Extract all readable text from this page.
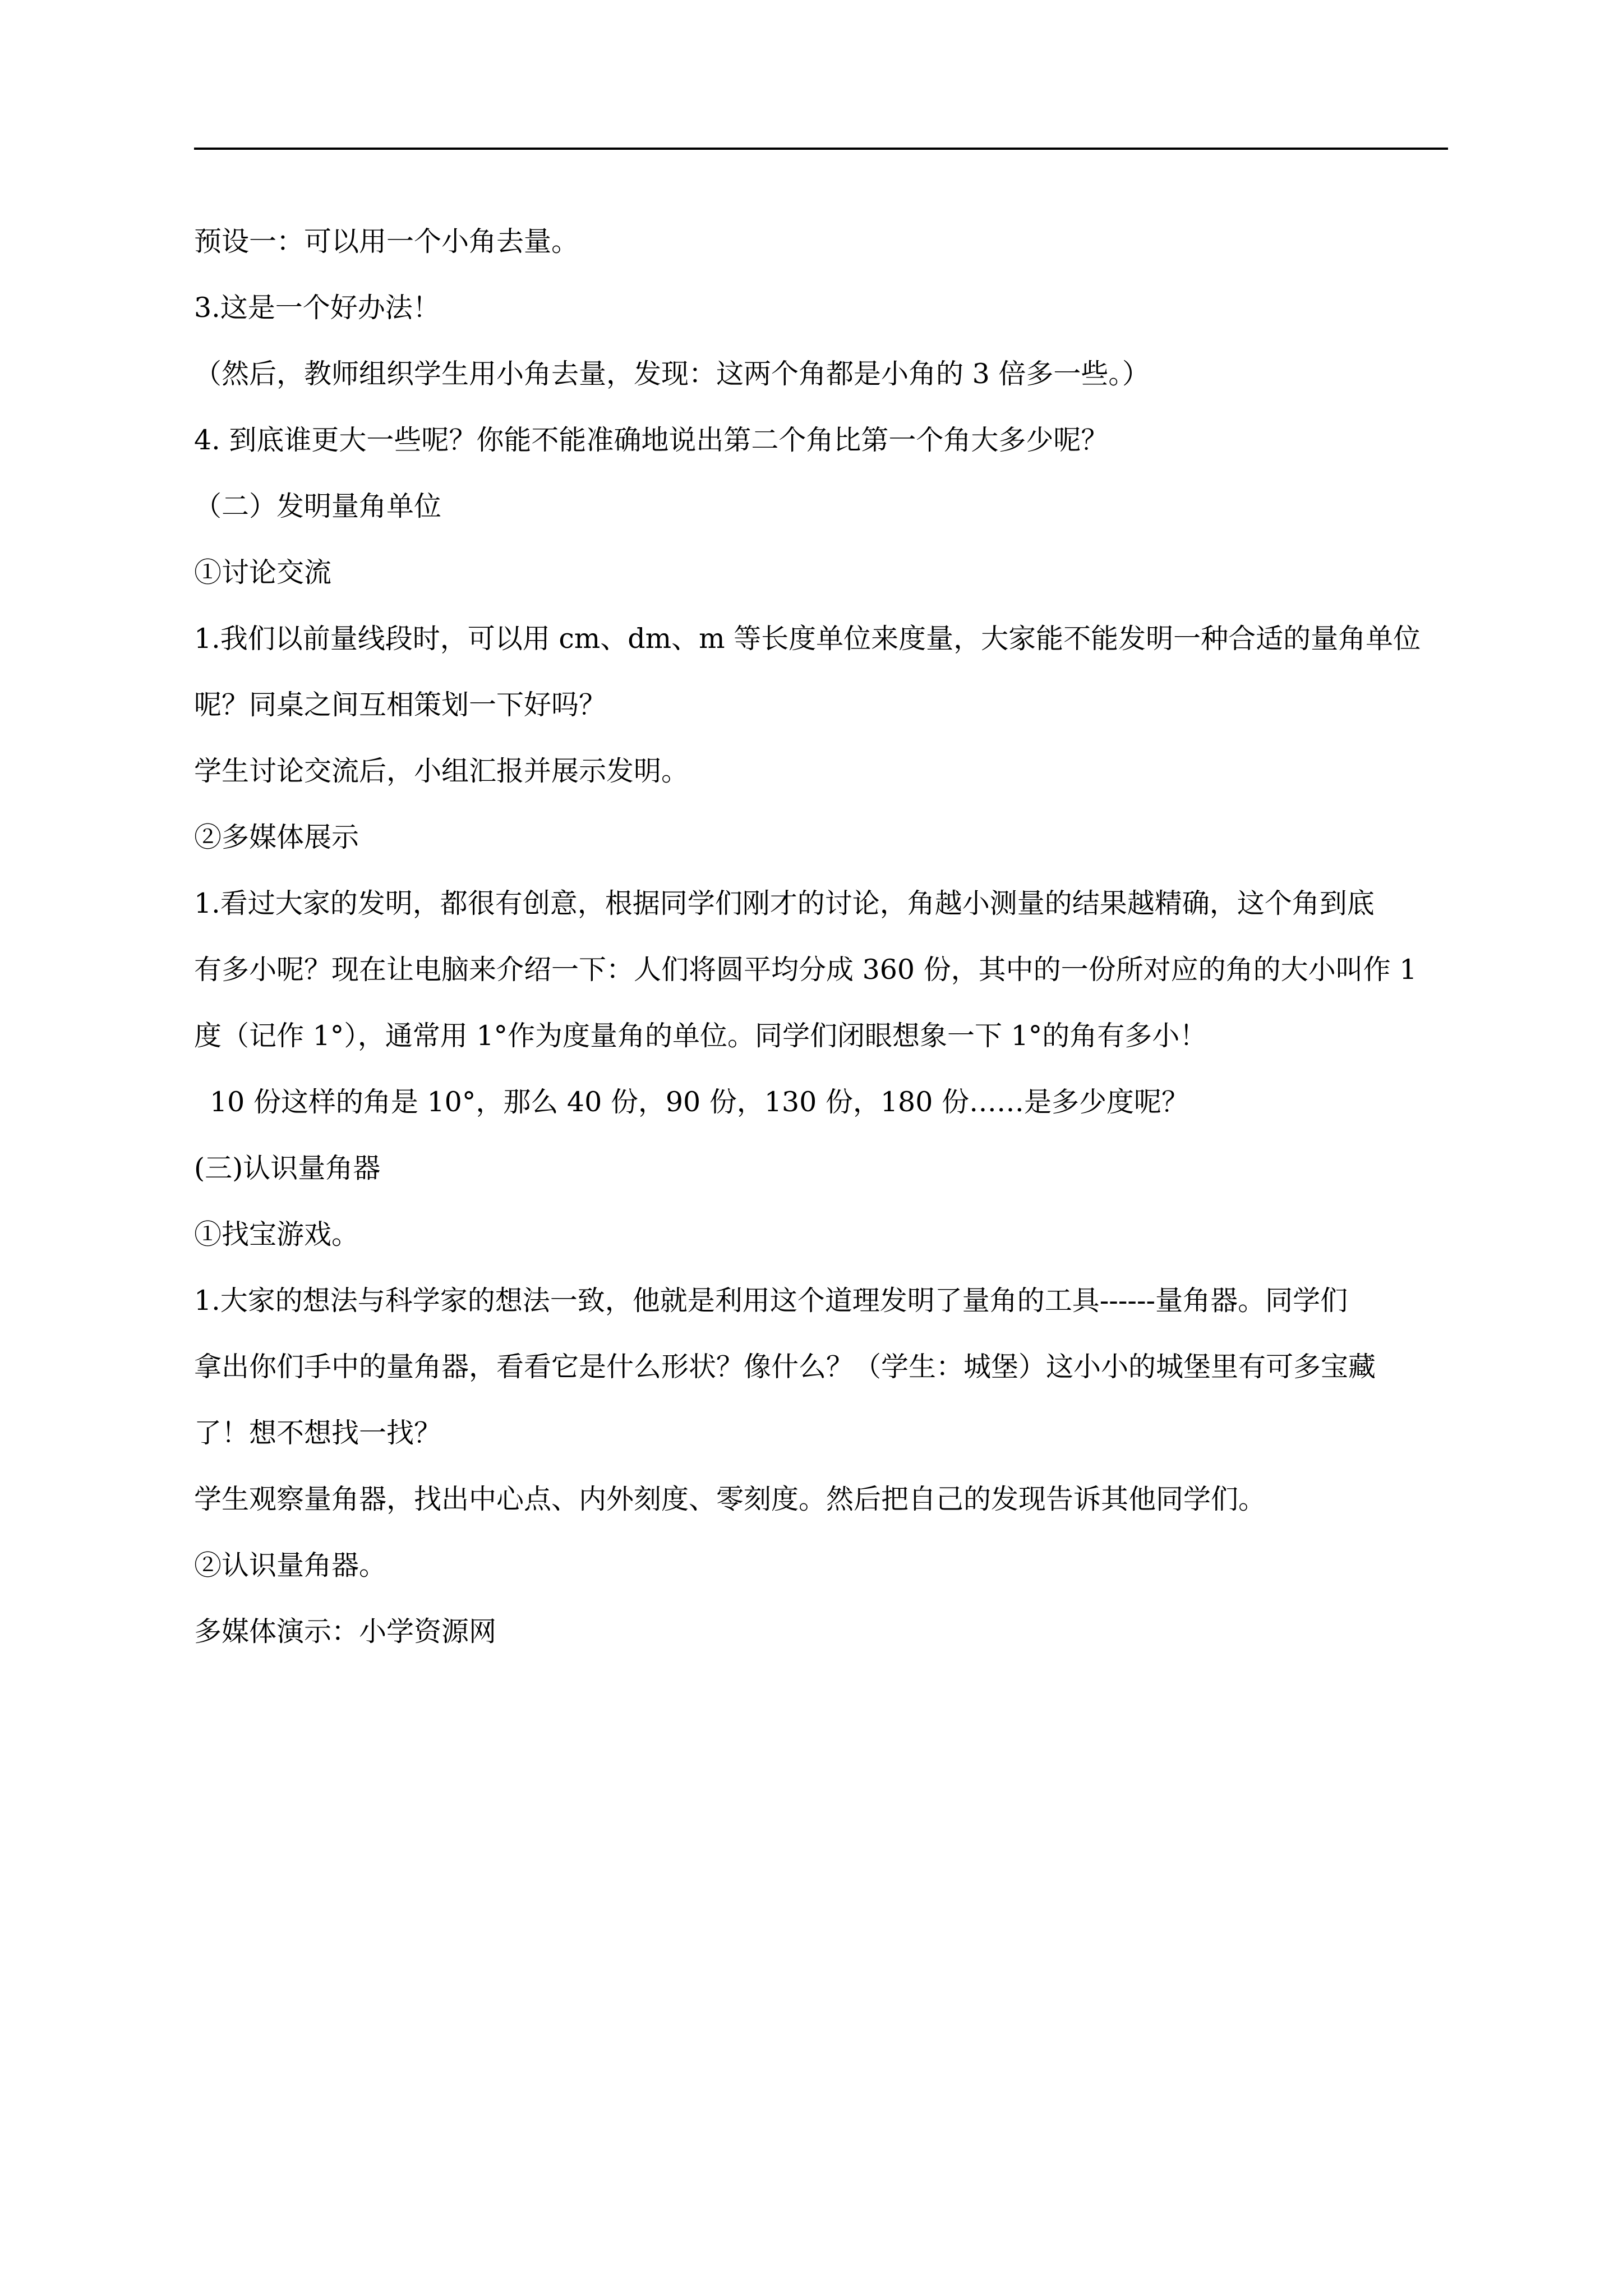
预设一：可以用一个小角去量。
3.这是一个好办法！
（然后，教师组织学生用小角去量，发现：这两个角都是小角的 3 倍多一些。）
4. 到底谁更大一些呢？你能不能准确地说出第二个角比第一个角大多少呢？
（二）发明量角单位
①讨论交流
1.我们以前量线段时，可以用 cm、dm、m 等长度单位来度量，大家能不能发明一种合适的量角单位
呢？同桌之间互相策划一下好吗？
学生讨论交流后，小组汇报并展示发明。
②多媒体展示
1.看过大家的发明，都很有创意，根据同学们刚才的讨论，角越小测量的结果越精确，这个角到底
有多小呢？现在让电脑来介绍一下：人们将圆平均分成 360 份，其中的一份所对应的角的大小叫作 1
度（记作 1°），通常用 1°作为度量角的单位。同学们闭眼想象一下 1°的角有多小！
10 份这样的角是 10°，那么 40 份，90 份，130 份，180 份……是多少度呢？
(三)认识量角器
①找宝游戏。
1.大家的想法与科学家的想法一致，他就是利用这个道理发明了量角的工具------量角器。同学们
拿出你们手中的量角器，看看它是什么形状？像什么？（学生：城堡）这小小的城堡里有可多宝藏
了！想不想找一找？
学生观察量角器，找出中心点、内外刻度、零刻度。然后把自己的发现告诉其他同学们。
②认识量角器。
多媒体演示：小学资源网
